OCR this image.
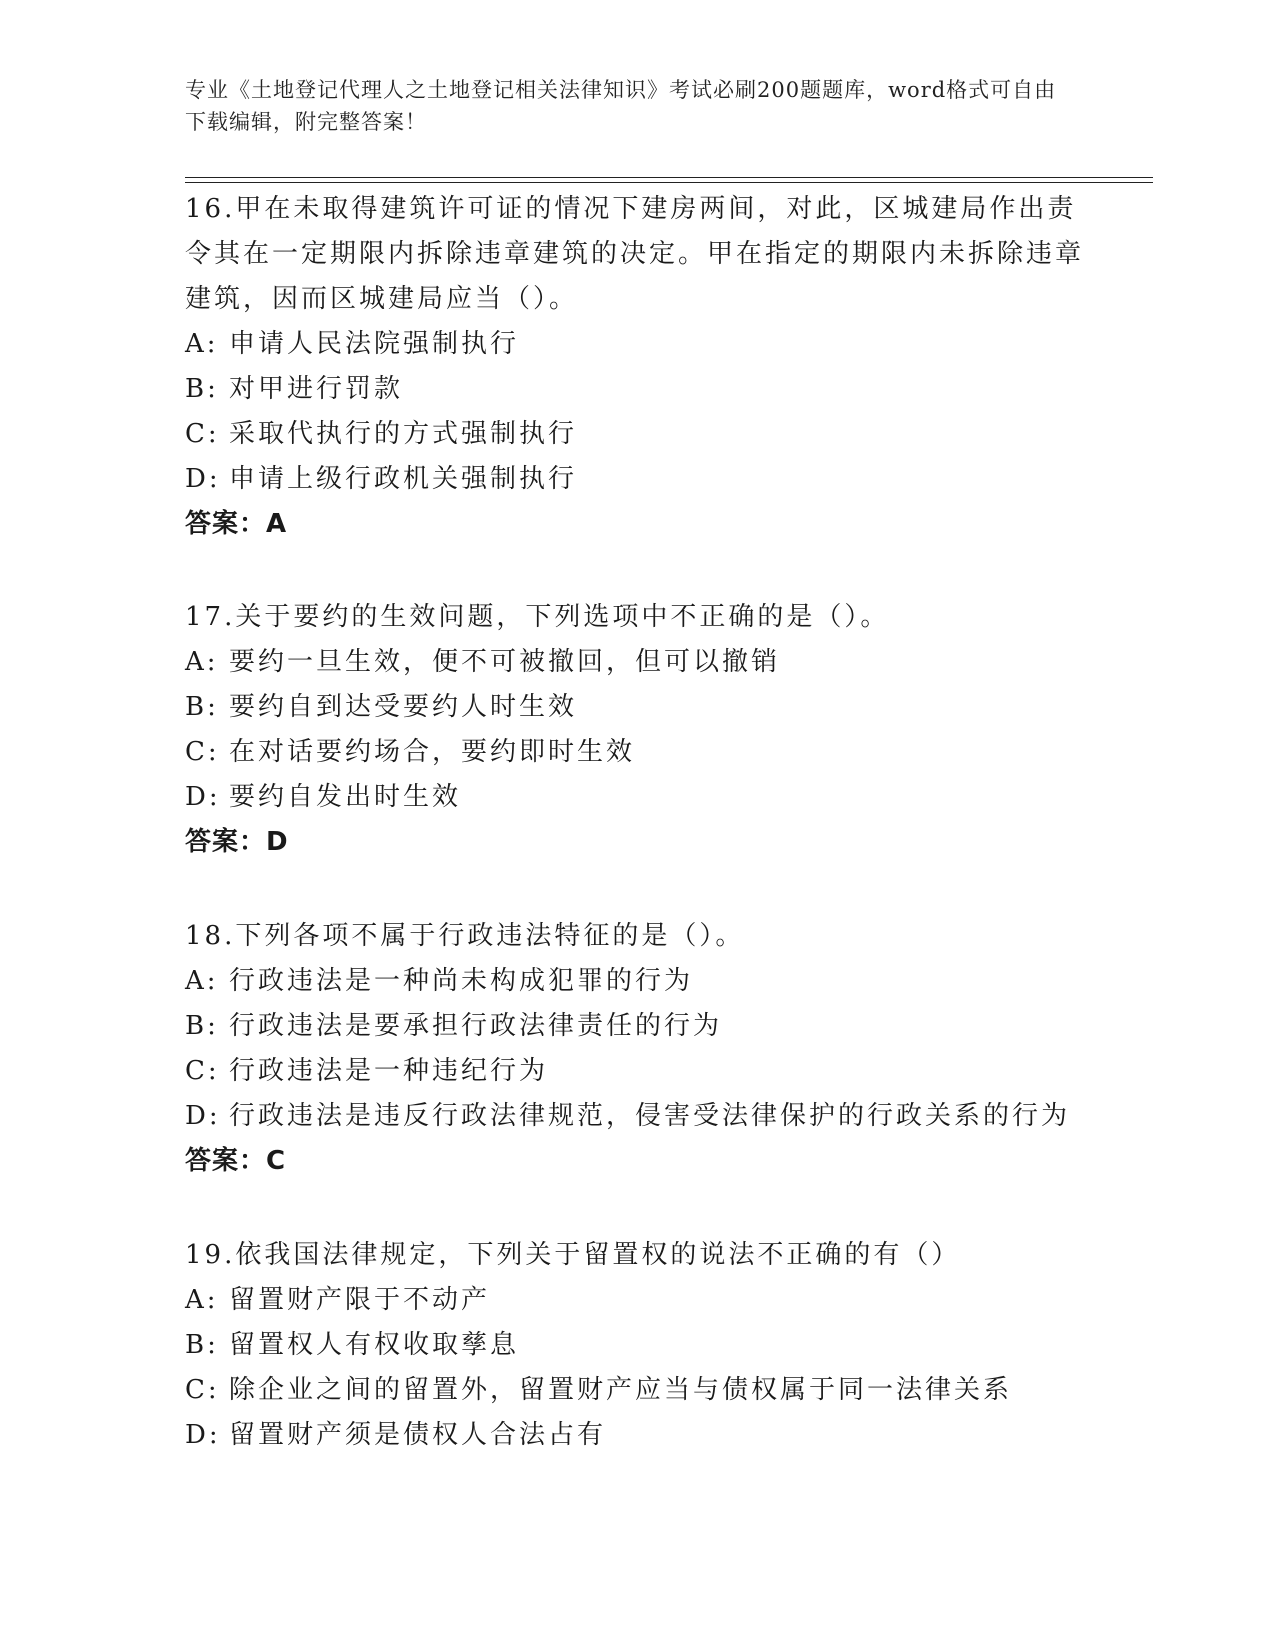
专业《土地登记代理人之土地登记相关法律知识》考试必刷200题题库，word格式可自由下载编辑，附完整答案！

16.甲在未取得建筑许可证的情况下建房两间，对此，区城建局作出责令其在一定期限内拆除违章建筑的决定。甲在指定的期限内未拆除违章建筑，因而区城建局应当（）。

A: 申请人民法院强制执行

B: 对甲进行罚款

C: 采取代执行的方式强制执行

D: 申请上级行政机关强制执行

答案：A

17.关于要约的生效问题，下列选项中不正确的是（）。

A: 要约一旦生效，便不可被撤回，但可以撤销

B: 要约自到达受要约人时生效

C: 在对话要约场合，要约即时生效

D: 要约自发出时生效

答案：D

18.下列各项不属于行政违法特征的是（）。

A: 行政违法是一种尚未构成犯罪的行为

B: 行政违法是要承担行政法律责任的行为

C: 行政违法是一种违纪行为

D: 行政违法是违反行政法律规范，侵害受法律保护的行政关系的行为

答案：C

19.依我国法律规定，下列关于留置权的说法不正确的有（）

A: 留置财产限于不动产

B: 留置权人有权收取孳息

C: 除企业之间的留置外，留置财产应当与债权属于同一法律关系

D: 留置财产须是债权人合法占有
